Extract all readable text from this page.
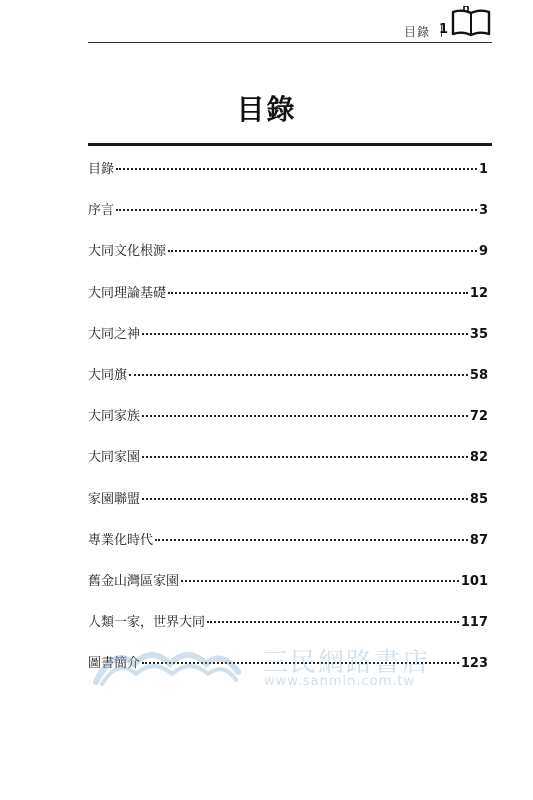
目錄 1
目錄
目錄	1
序言	3
大同文化根源	9
大同理論基礎	12
大同之神	35
大同旗	58
大同家族	72
大同家園	82
家園聯盟	85
專業化時代	87
舊金山灣區家園	101
人類一家，世界大同	117
圖書簡介	123
三民網路書店
www.sanmin.com.tw
